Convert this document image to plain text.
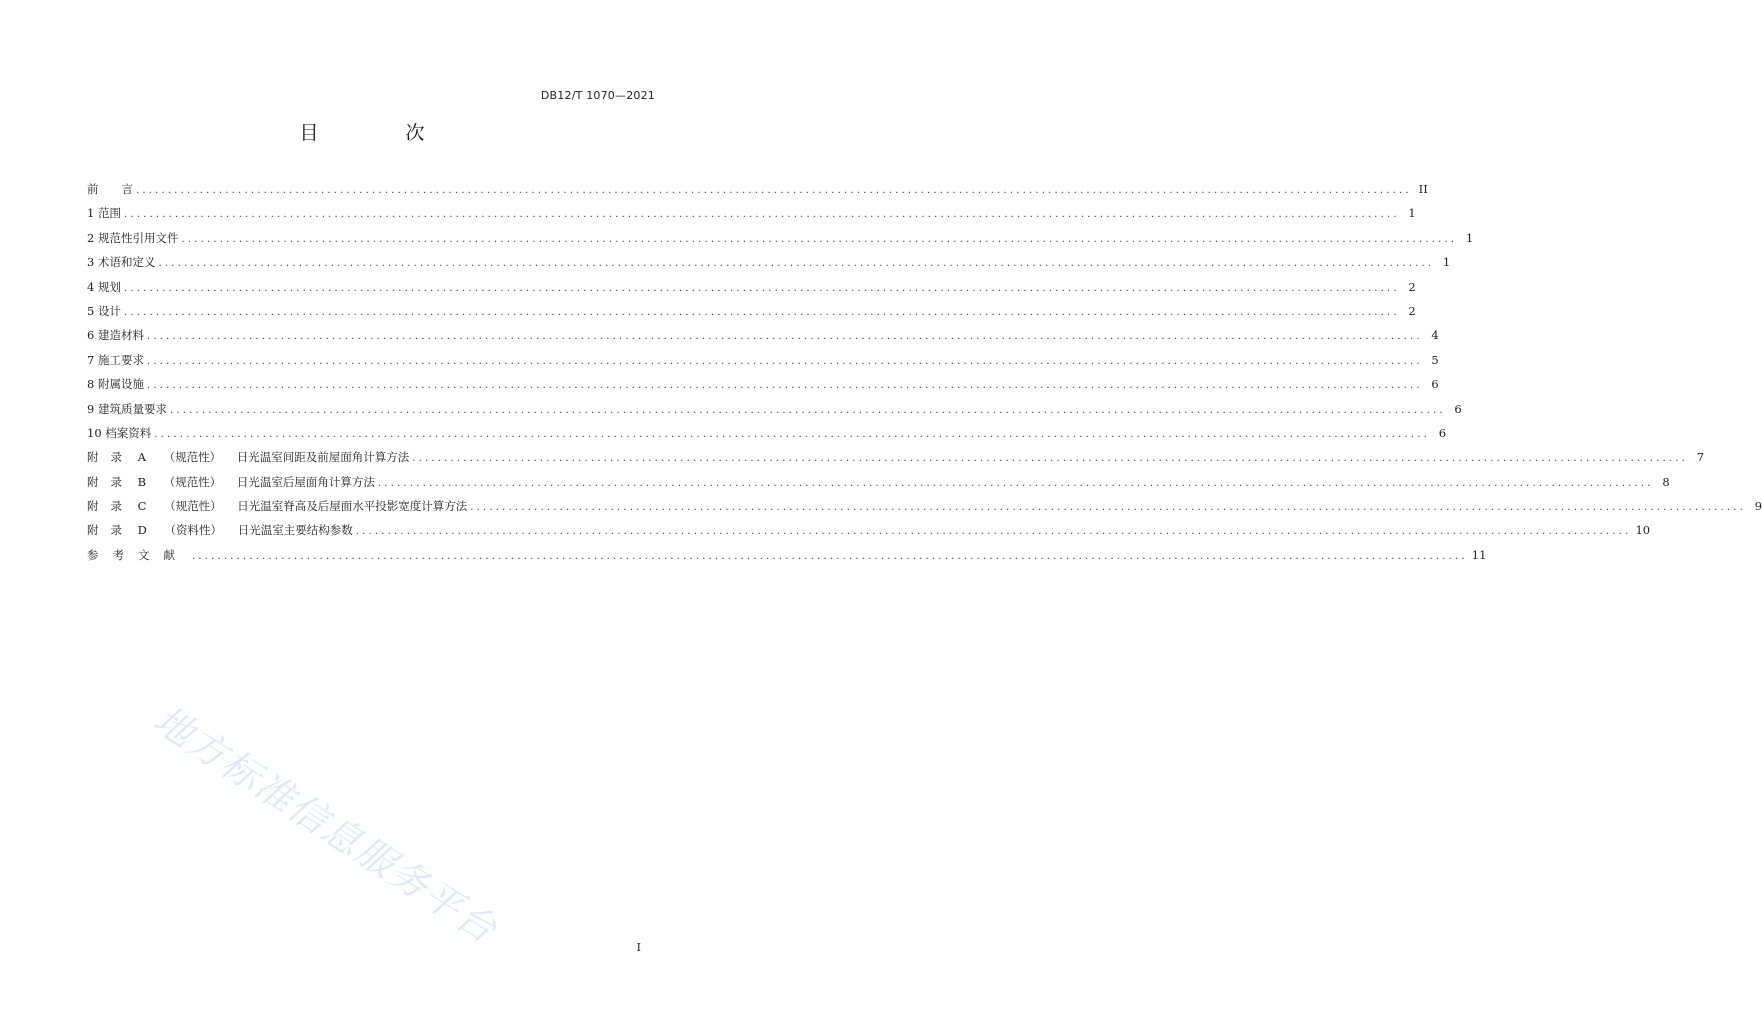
DB12/T 1070—2021
目　次
前　　言 ........................................................................................................................................................................................................ II
1 范围 ........................................................................................................................................................................................................ 1
2 规范性引用文件 ........................................................................................................................................................................................................ 1
3 术语和定义 ........................................................................................................................................................................................................ 1
4 规划 ........................................................................................................................................................................................................ 2
5 设计 ........................................................................................................................................................................................................ 2
6 建造材料 ........................................................................................................................................................................................................ 4
7 施工要求 ........................................................................................................................................................................................................ 5
8 附属设施 ........................................................................................................................................................................................................ 6
9 建筑质量要求 ........................................................................................................................................................................................................ 6
10 档案资料 ........................................................................................................................................................................................................ 6
附录 A （规范性） 日光温室间距及前屋面角计算方法 ........................................................................................................................................................................................................ 7
附录 B （规范性） 日光温室后屋面角计算方法 ........................................................................................................................................................................................................ 8
附录 C （规范性） 日光温室脊高及后屋面水平投影宽度计算方法 ........................................................................................................................................................................................................ 9
附录 D （资料性） 日光温室主要结构参数 ........................................................................................................................................................................................................ 10
参考文献 ........................................................................................................................................................................................................ 11
地方标准信息服务平台	I
